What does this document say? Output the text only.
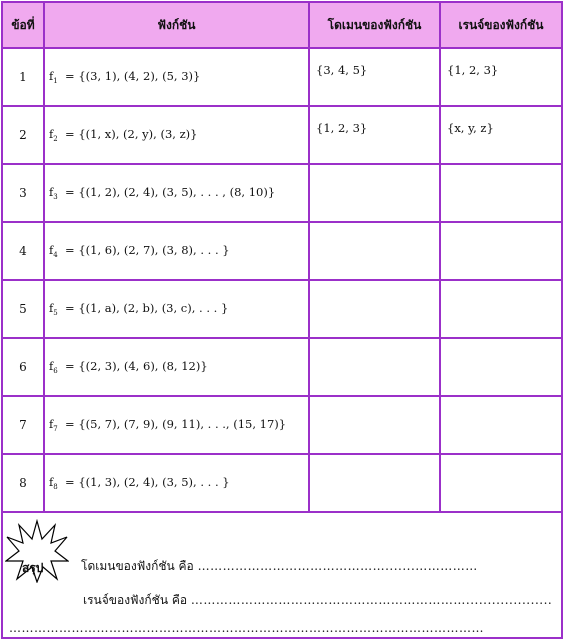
ข้อที่	ฟังก์ชัน	โดเมนของฟังก์ชัน	เรนจ์ของฟังก์ชัน
1	$f_1 = \{(3$, 1), (4, 2), (5, 3)}	{3, 4, 5}	{1, 2, 3}
2	$f_2 = \{(1$, x), (2, y), (3, z)}	{1, 2, 3}	{x, y, z}
3	$f_3 = \{(1$, 2), (2, 4), (3, 5), . . . , (8, 10)}		
4	$f_4 = \{(1$, 6), (2, 7), (3, 8), . . . }		
5	$f_5 = \{(1$, a), (2, b), (3, c), . . . }		
6	$f_6 = \{(2$, 3), (4, 6), (8, 12)}		
7	$f_7 = \{(5$, 7), (7, 9), (9, 11), . . ., (15, 17)}		
8	$f_8 = \{(1$, 3), (2, 4), (3, 5), . . . }		

สรุป โดเมนของฟังก์ชัน คือ ……………………………………….......……………
เรนจ์ของฟังก์ชัน คือ …………………………………………………………....................
……………………………………………………………………………………………………			
